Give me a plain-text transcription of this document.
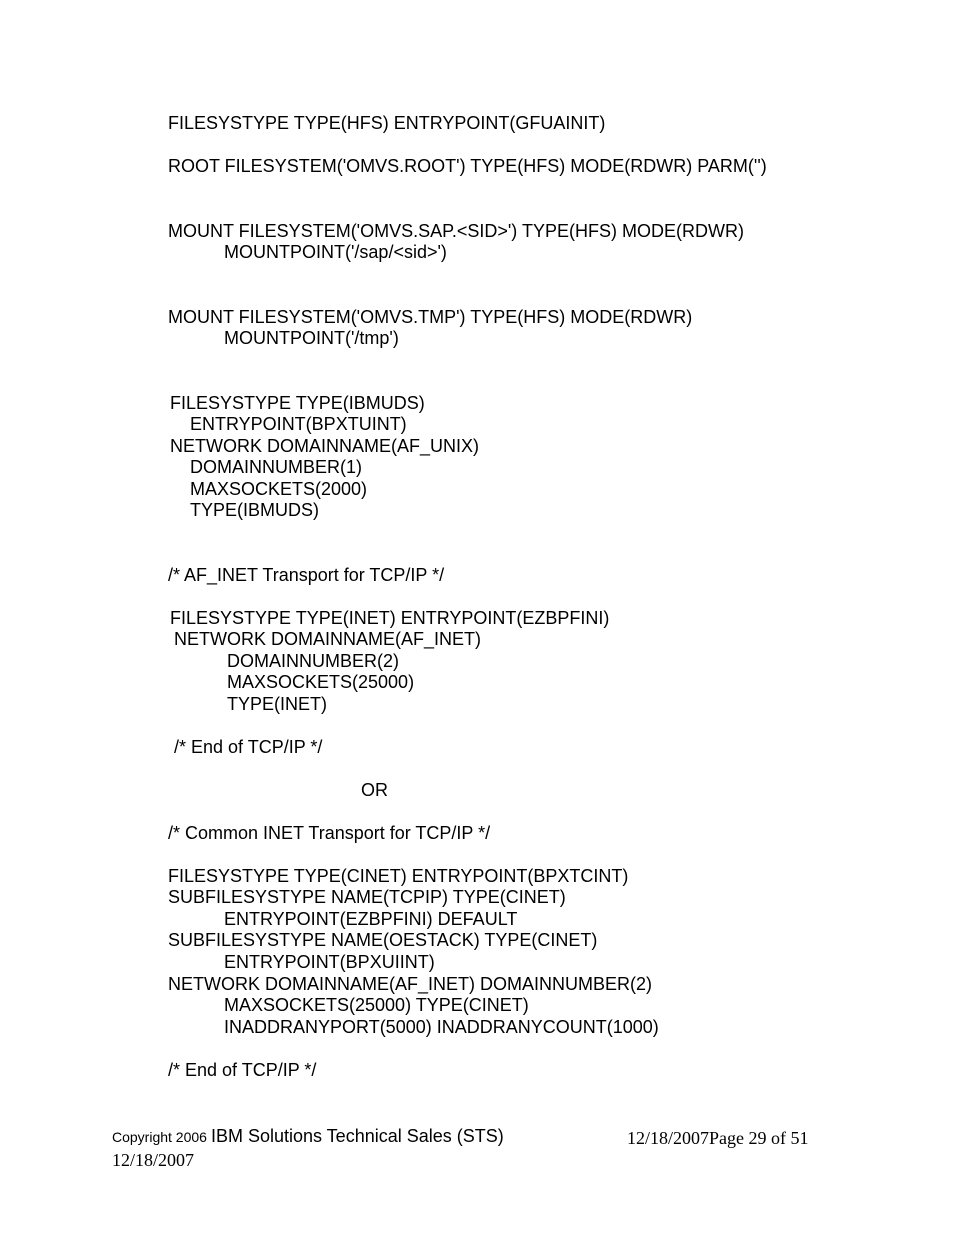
FILESYSTYPE TYPE(HFS) ENTRYPOINT(GFUAINIT)

ROOT FILESYSTEM('OMVS.ROOT') TYPE(HFS) MODE(RDWR) PARM('')

MOUNT FILESYSTEM('OMVS.SAP.<SID>') TYPE(HFS) MODE(RDWR)

MOUNTPOINT('/sap/<sid>')

MOUNT FILESYSTEM('OMVS.TMP') TYPE(HFS) MODE(RDWR)

MOUNTPOINT('/tmp')

FILESYSTYPE TYPE(IBMUDS)

ENTRYPOINT(BPXTUINT)

NETWORK DOMAINNAME(AF_UNIX)

DOMAINNUMBER(1)

MAXSOCKETS(2000)

TYPE(IBMUDS)

/* AF_INET Transport for TCP/IP */

FILESYSTYPE TYPE(INET) ENTRYPOINT(EZBPFINI)

NETWORK DOMAINNAME(AF_INET)

DOMAINNUMBER(2)

MAXSOCKETS(25000)

TYPE(INET)

/* End of TCP/IP */

OR

/* Common INET Transport for TCP/IP */

FILESYSTYPE TYPE(CINET) ENTRYPOINT(BPXTCINT)

SUBFILESYSTYPE NAME(TCPIP) TYPE(CINET)

ENTRYPOINT(EZBPFINI) DEFAULT

SUBFILESYSTYPE NAME(OESTACK) TYPE(CINET)

ENTRYPOINT(BPXUIINT)

NETWORK DOMAINNAME(AF_INET) DOMAINNUMBER(2)

MAXSOCKETS(25000) TYPE(CINET)

INADDRANYPORT(5000) INADDRANYCOUNT(1000)

/* End of TCP/IP */

Copyright 2006 IBM Solutions Technical Sales (STS)	12/18/2007Page 29 of 51
12/18/2007
